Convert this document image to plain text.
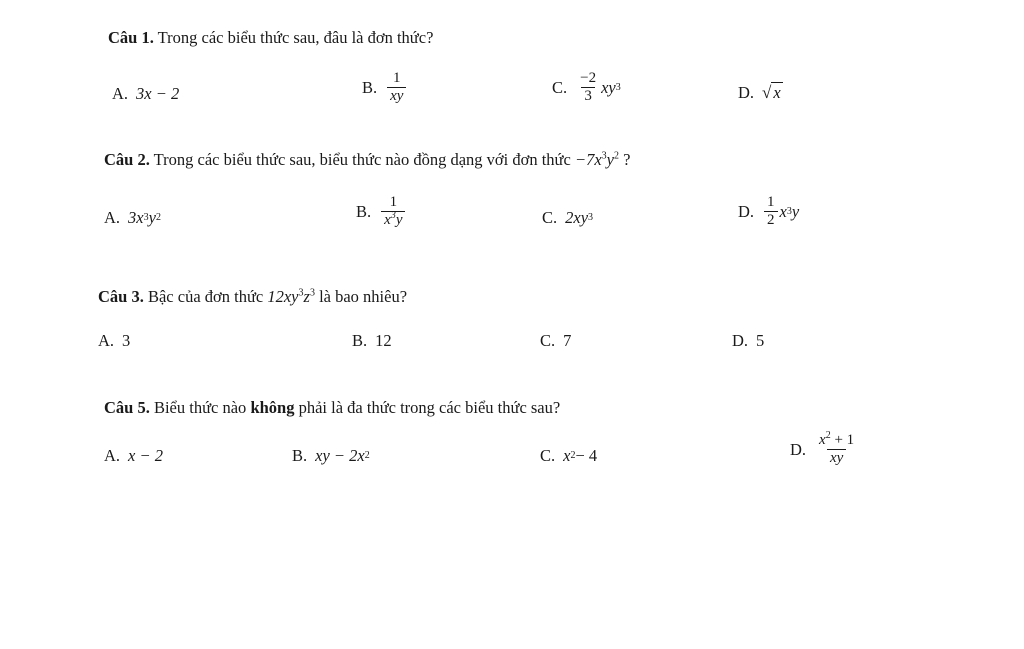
Câu 1. Trong các biểu thức sau, đâu là đơn thức?
A. 3x − 2	B. $\frac{1}{xy}$	C. $\frac{-2}{3}$ xy 3	D. √ x
Câu 2. Trong các biểu thức sau, biểu thức nào đồng dạng với đơn thức $-7x^3y^2$ ?
A. 3x 3 y 2	B. $\frac{1}{x^3y}$	C. 2xy 3	D. $\frac{1}{2}$ x 3 y
Câu 3. Bậc của đơn thức $12xy^3z^3$ là bao nhiêu?
A. 3	B. 12	C. 7	D. 5
Câu 5. Biểu thức nào không phải là đa thức trong các biểu thức sau?
A. x − 2	B. xy − 2x 2	C. x 2 − 4	D. $\frac{x^2 + 1}{xy}$
